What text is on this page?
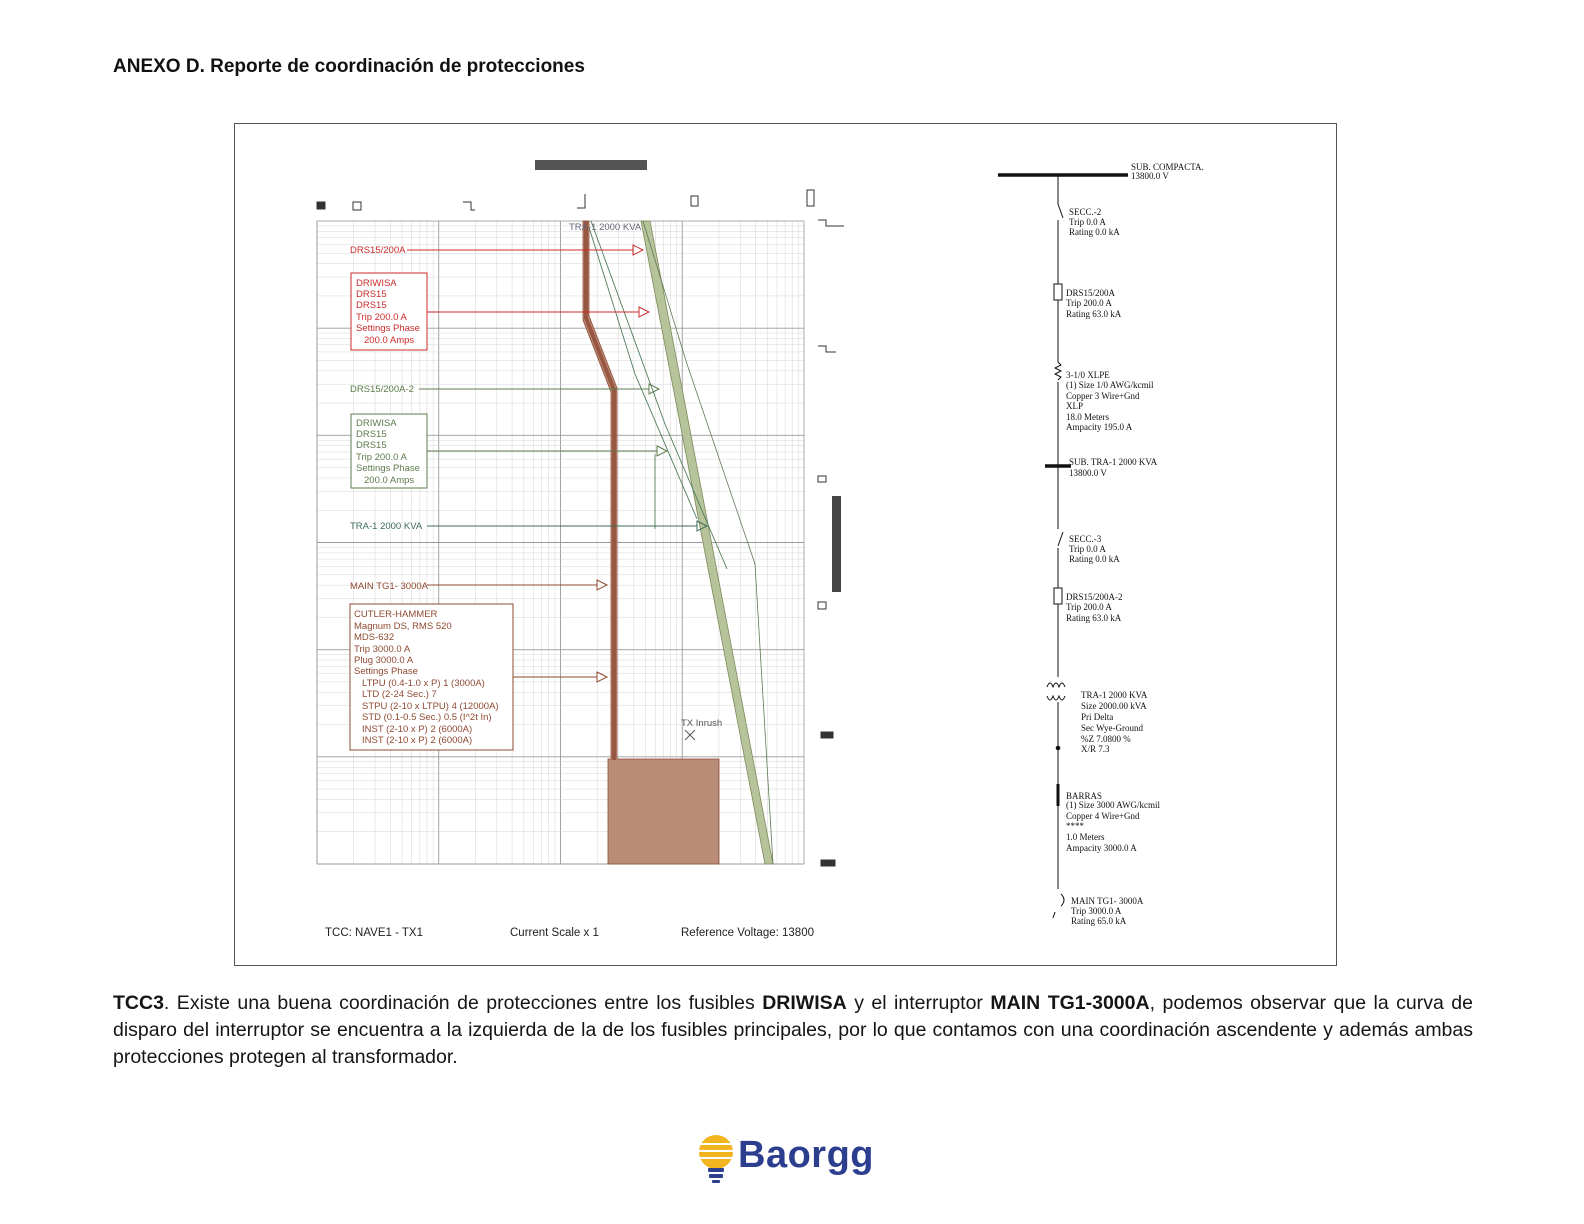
ANEXO D. Reporte de coordinación de protecciones
TX Inrush
TRA-1 2000 KVA
DRS15/200A
DRIWISA
DRS15
DRS15
Trip 200.0 A
Settings Phase
200.0 Amps
DRS15/200A-2
DRIWISA
DRS15
DRS15
Trip 200.0 A
Settings Phase
200.0 Amps
TRA-1 2000 KVA
MAIN TG1- 3000A
CUTLER-HAMMER
Magnum DS, RMS 520
MDS-632
Trip 3000.0 A
Plug 3000.0 A
Settings Phase
LTPU (0.4-1.0 x P) 1 (3000A)
LTD (2-24 Sec.) 7
STPU (2-10 x LTPU) 4 (12000A)
STD (0.1-0.5 Sec.) 0.5 (I^2t In)
INST (2-10 x P) 2 (6000A)
INST (2-10 x P) 2 (6000A)
SUB. COMPACTA.
13800.0 V
SECC.-2
Trip 0.0 A
Rating 0.0 kA
DRS15/200A
Trip 200.0 A
Rating 63.0 kA
3-1/0 XLPE
(1) Size 1/0 AWG/kcmil
Copper 3 Wire+Gnd
XLP
18.0 Meters
Ampacity 195.0 A
SUB. TRA-1 2000 KVA
13800.0 V
SECC.-3
Trip 0.0 A
Rating 0.0 kA
DRS15/200A-2
Trip 200.0 A
Rating 63.0 kA
TRA-1 2000 KVA
Size 2000.00 kVA
Pri Delta
Sec Wye-Ground
%Z 7.0800 %
X/R 7.3
BARRAS
(1) Size 3000 AWG/kcmil
Copper 4 Wire+Gnd
****
1.0 Meters
Ampacity 3000.0 A
MAIN TG1- 3000A
Trip 3000.0 A
Rating 65.0 kA
TCC: NAVE1 - TX1	Current Scale x 1	Reference Voltage: 13800
TCC3. Existe una buena coordinación de protecciones entre los fusibles DRIWISA y el interruptor MAIN TG1-3000A, podemos observar que la curva de disparo del interruptor se encuentra a la izquierda de la de los fusibles principales, por lo que contamos con una coordinación ascendente y además ambas protecciones protegen al transformador.
Baorgg
